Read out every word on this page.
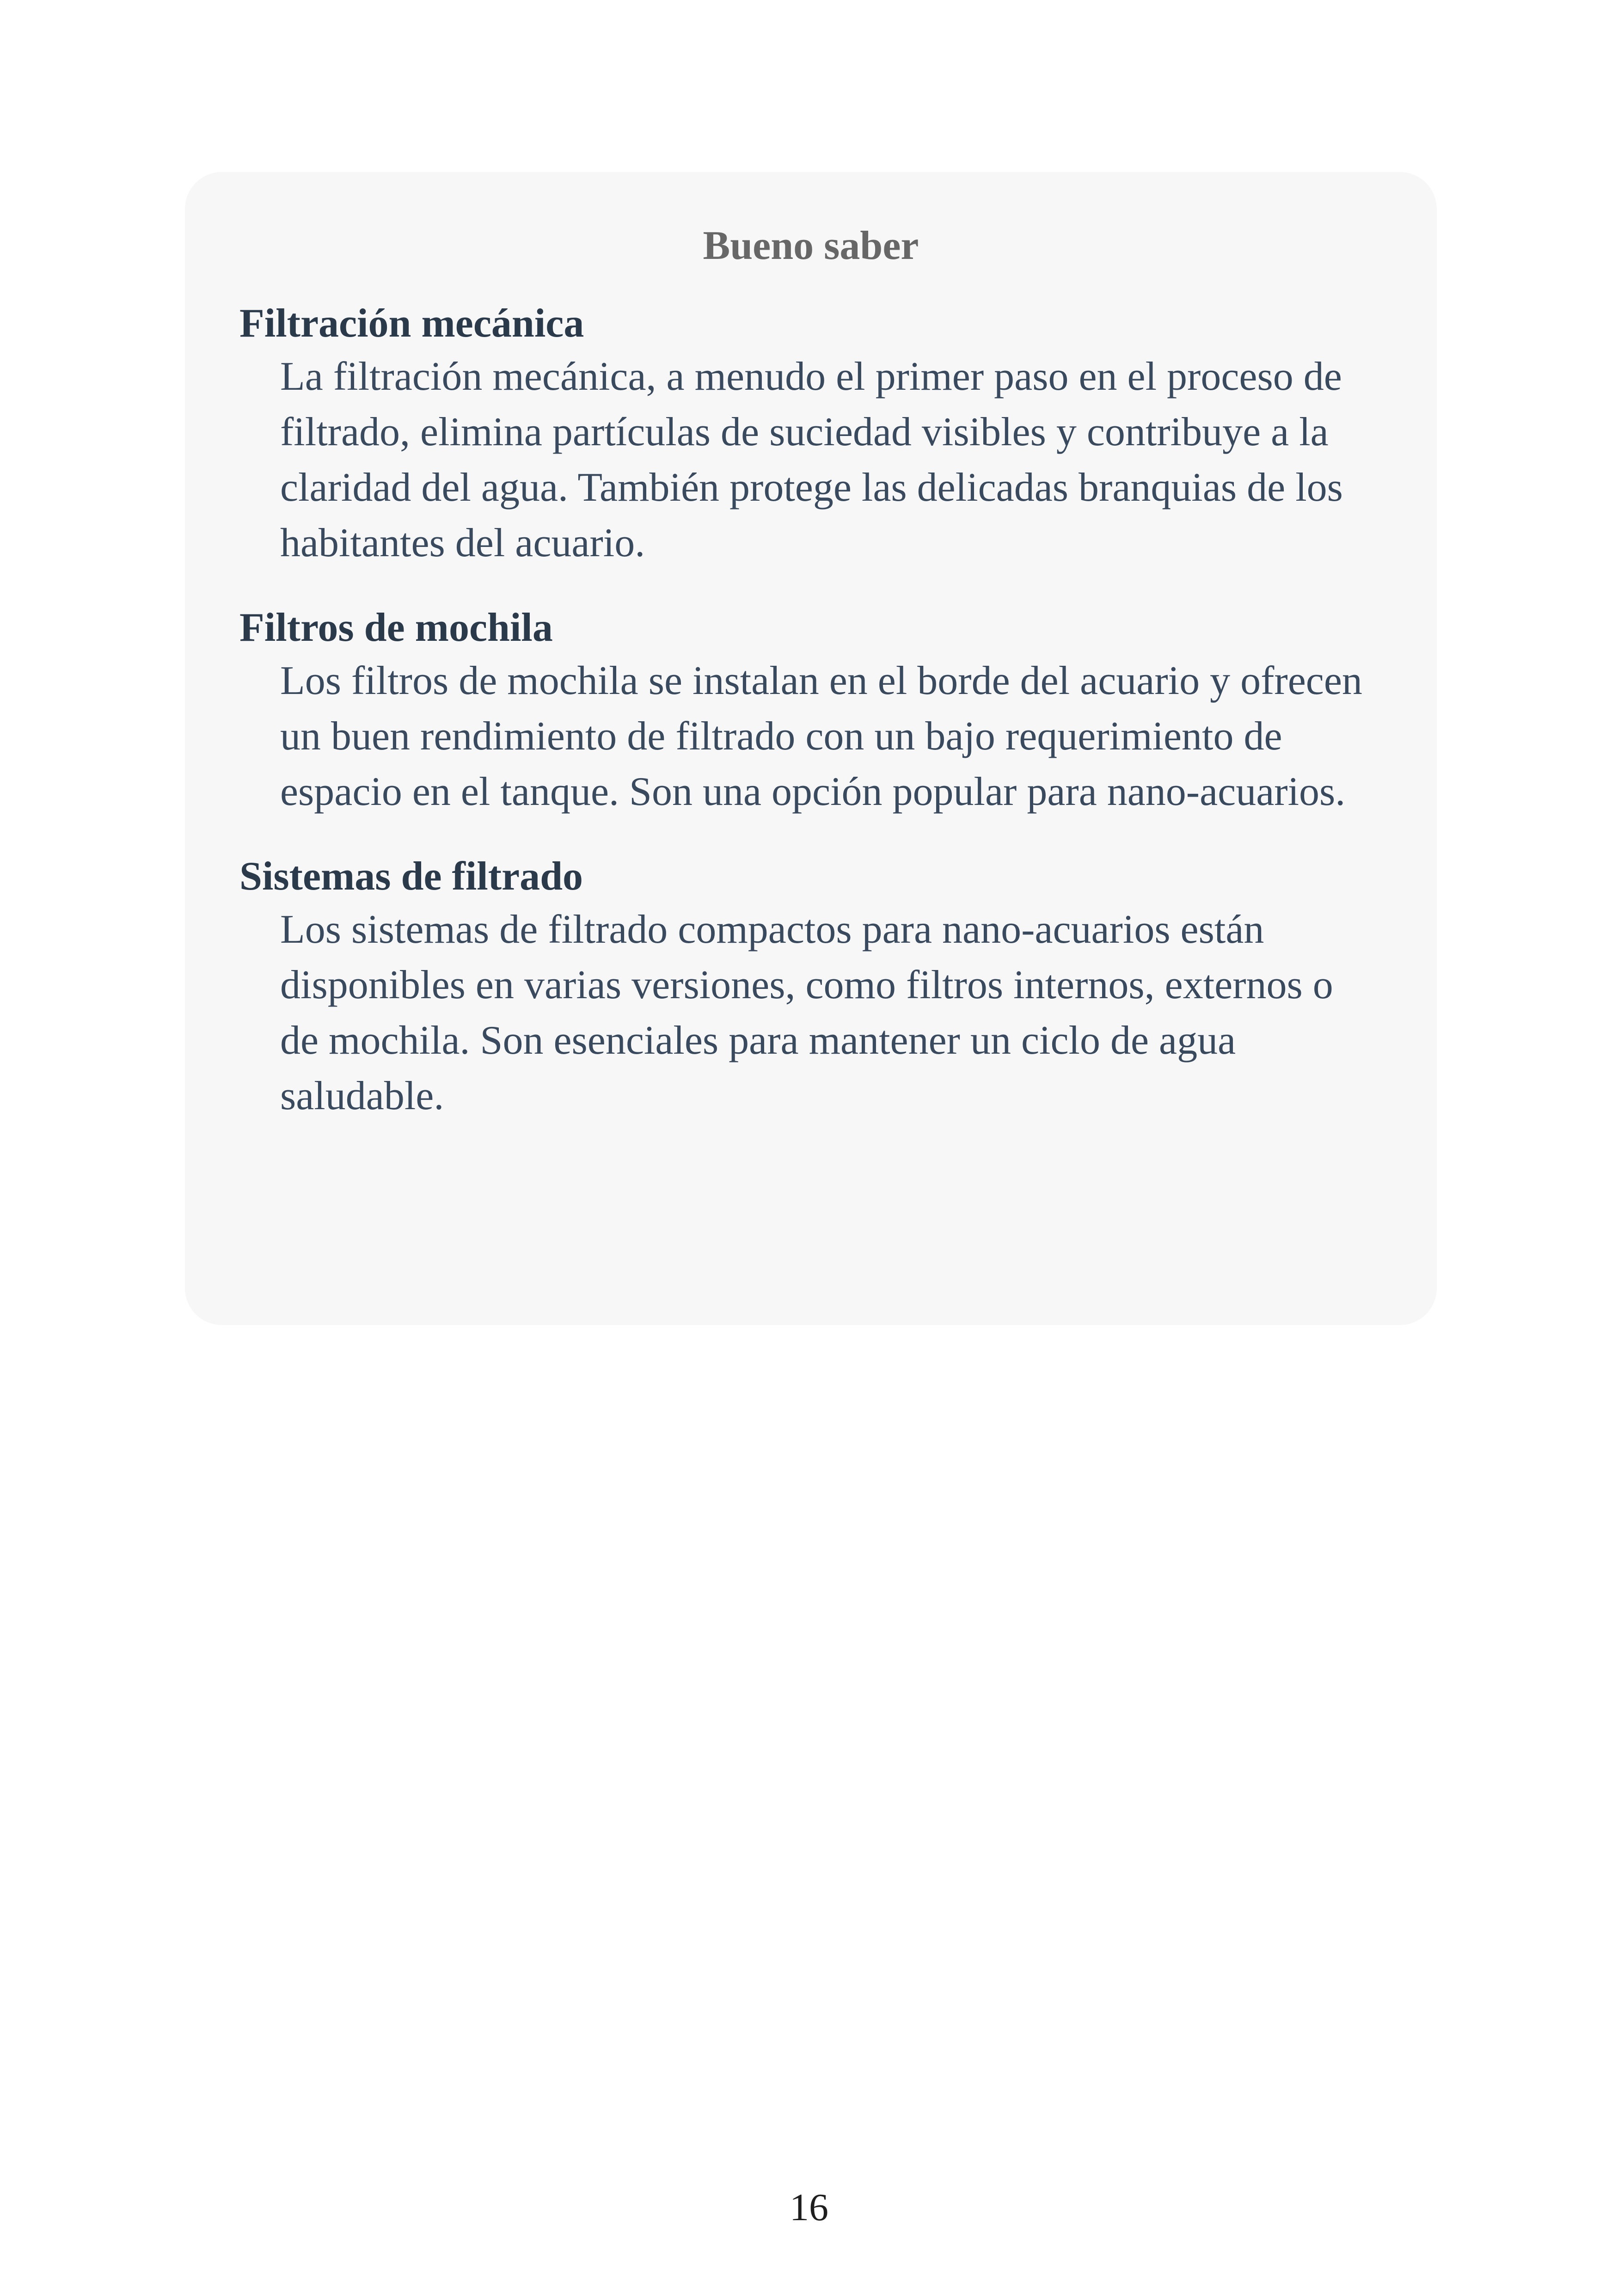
Bueno saber
Filtración mecánica
La filtración mecánica, a menudo el primer paso en el proceso de filtrado, elimina partículas de suciedad visibles y contribuye a la claridad del agua. También protege las delicadas branquias de los habitantes del acuario.
Filtros de mochila
Los filtros de mochila se instalan en el borde del acuario y ofrecen un buen rendimiento de filtrado con un bajo requerimiento de espacio en el tanque. Son una opción popular para nano-acuarios.
Sistemas de filtrado
Los sistemas de filtrado compactos para nano-acuarios están disponibles en varias versiones, como filtros internos, externos o de mochila. Son esenciales para mantener un ciclo de agua saludable.
16
